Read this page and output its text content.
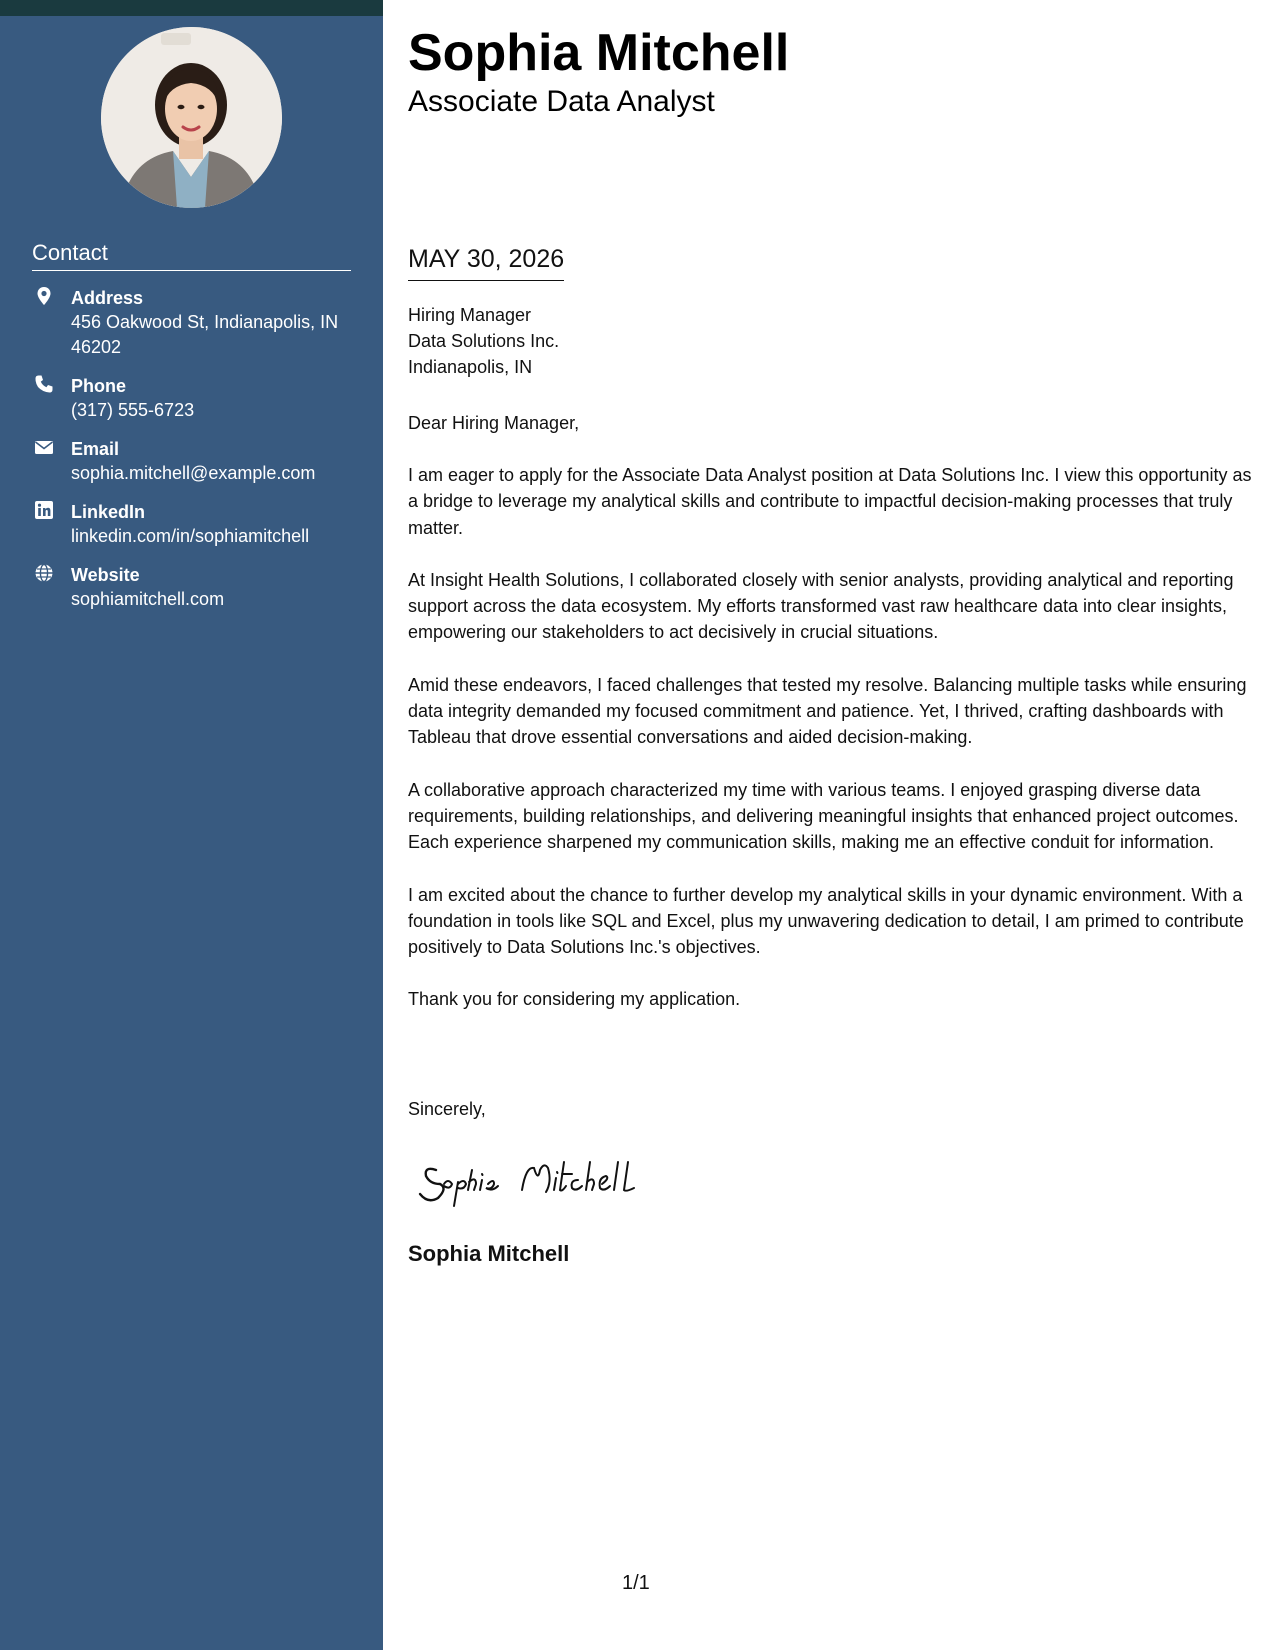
Contact
Address
456 Oakwood St, Indianapolis, IN
46202
Phone
(317) 555-6723
Email
sophia.mitchell@example.com
LinkedIn
linkedin.com/in/sophiamitchell
Website
sophiamitchell.com
Sophia Mitchell
Associate Data Analyst
MAY 30, 2026
Hiring Manager
Data Solutions Inc.
Indianapolis, IN
Dear Hiring Manager,

I am eager to apply for the Associate Data Analyst position at Data Solutions Inc. I view this opportunity as a bridge to leverage my analytical skills and contribute to impactful decision-making processes that truly matter.

At Insight Health Solutions, I collaborated closely with senior analysts, providing analytical and reporting support across the data ecosystem. My efforts transformed vast raw healthcare data into clear insights, empowering our stakeholders to act decisively in crucial situations.

Amid these endeavors, I faced challenges that tested my resolve. Balancing multiple tasks while ensuring data integrity demanded my focused commitment and patience. Yet, I thrived, crafting dashboards with Tableau that drove essential conversations and aided decision-making.

A collaborative approach characterized my time with various teams. I enjoyed grasping diverse data requirements, building relationships, and delivering meaningful insights that enhanced project outcomes. Each experience sharpened my communication skills, making me an effective conduit for information.

I am excited about the chance to further develop my analytical skills in your dynamic environment. With a foundation in tools like SQL and Excel, plus my unwavering dedication to detail, I am primed to contribute positively to Data Solutions Inc.'s objectives.

Thank you for considering my application.

Sincerely,
Sophia Mitchell
1/1
